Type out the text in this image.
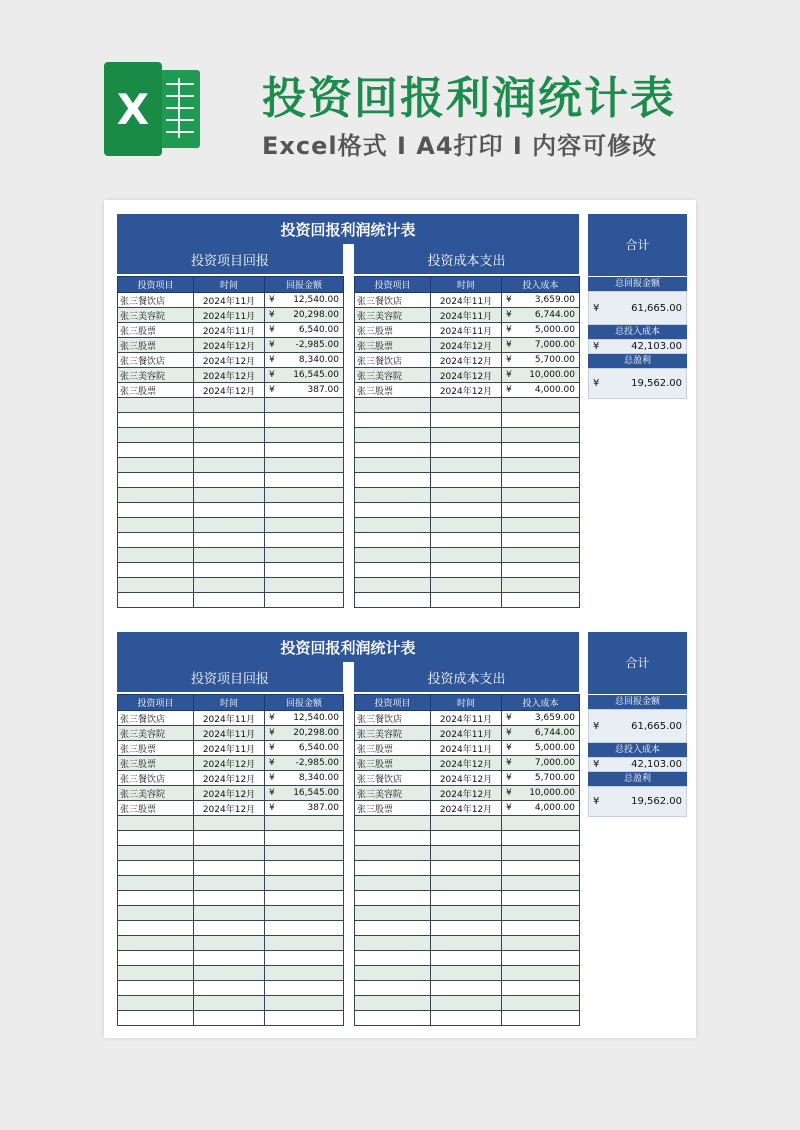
X	投资回报利润统计表
Excel格式 I A4打印 I 内容可修改
投资回报利润统计表
投资项目回报	投资成本支出
投资项目	时间	回报金额
张三餐饮店	2024年11月	¥ 12,540.00

张三美容院	2024年11月	¥ 20,298.00

张三股票	2024年11月	¥ 6,540.00

张三股票	2024年12月	¥ -2,985.00

张三餐饮店	2024年12月	¥ 8,340.00

张三美容院	2024年12月	¥ 16,545.00

张三股票	2024年12月	¥ 387.00

投资项目	时间	投入成本
张三餐饮店	2024年11月	¥ 3,659.00

张三美容院	2024年11月	¥ 6,744.00

张三股票	2024年11月	¥ 5,000.00

张三股票	2024年12月	¥ 7,000.00

张三餐饮店	2024年12月	¥ 5,700.00

张三美容院	2024年12月	¥ 10,000.00

张三股票	2024年12月	¥ 4,000.00

合计
总回报金额
¥	61,665.00
总投入成本
¥	42,103.00
总盈利
¥	19,562.00
投资回报利润统计表
投资项目回报	投资成本支出
投资项目	时间	回报金额
张三餐饮店	2024年11月	¥ 12,540.00

张三美容院	2024年11月	¥ 20,298.00

张三股票	2024年11月	¥ 6,540.00

张三股票	2024年12月	¥ -2,985.00

张三餐饮店	2024年12月	¥ 8,340.00

张三美容院	2024年12月	¥ 16,545.00

张三股票	2024年12月	¥ 387.00

投资项目	时间	投入成本
张三餐饮店	2024年11月	¥ 3,659.00

张三美容院	2024年11月	¥ 6,744.00

张三股票	2024年11月	¥ 5,000.00

张三股票	2024年12月	¥ 7,000.00

张三餐饮店	2024年12月	¥ 5,700.00

张三美容院	2024年12月	¥ 10,000.00

张三股票	2024年12月	¥ 4,000.00

合计
总回报金额
¥	61,665.00
总投入成本
¥	42,103.00
总盈利
¥	19,562.00
